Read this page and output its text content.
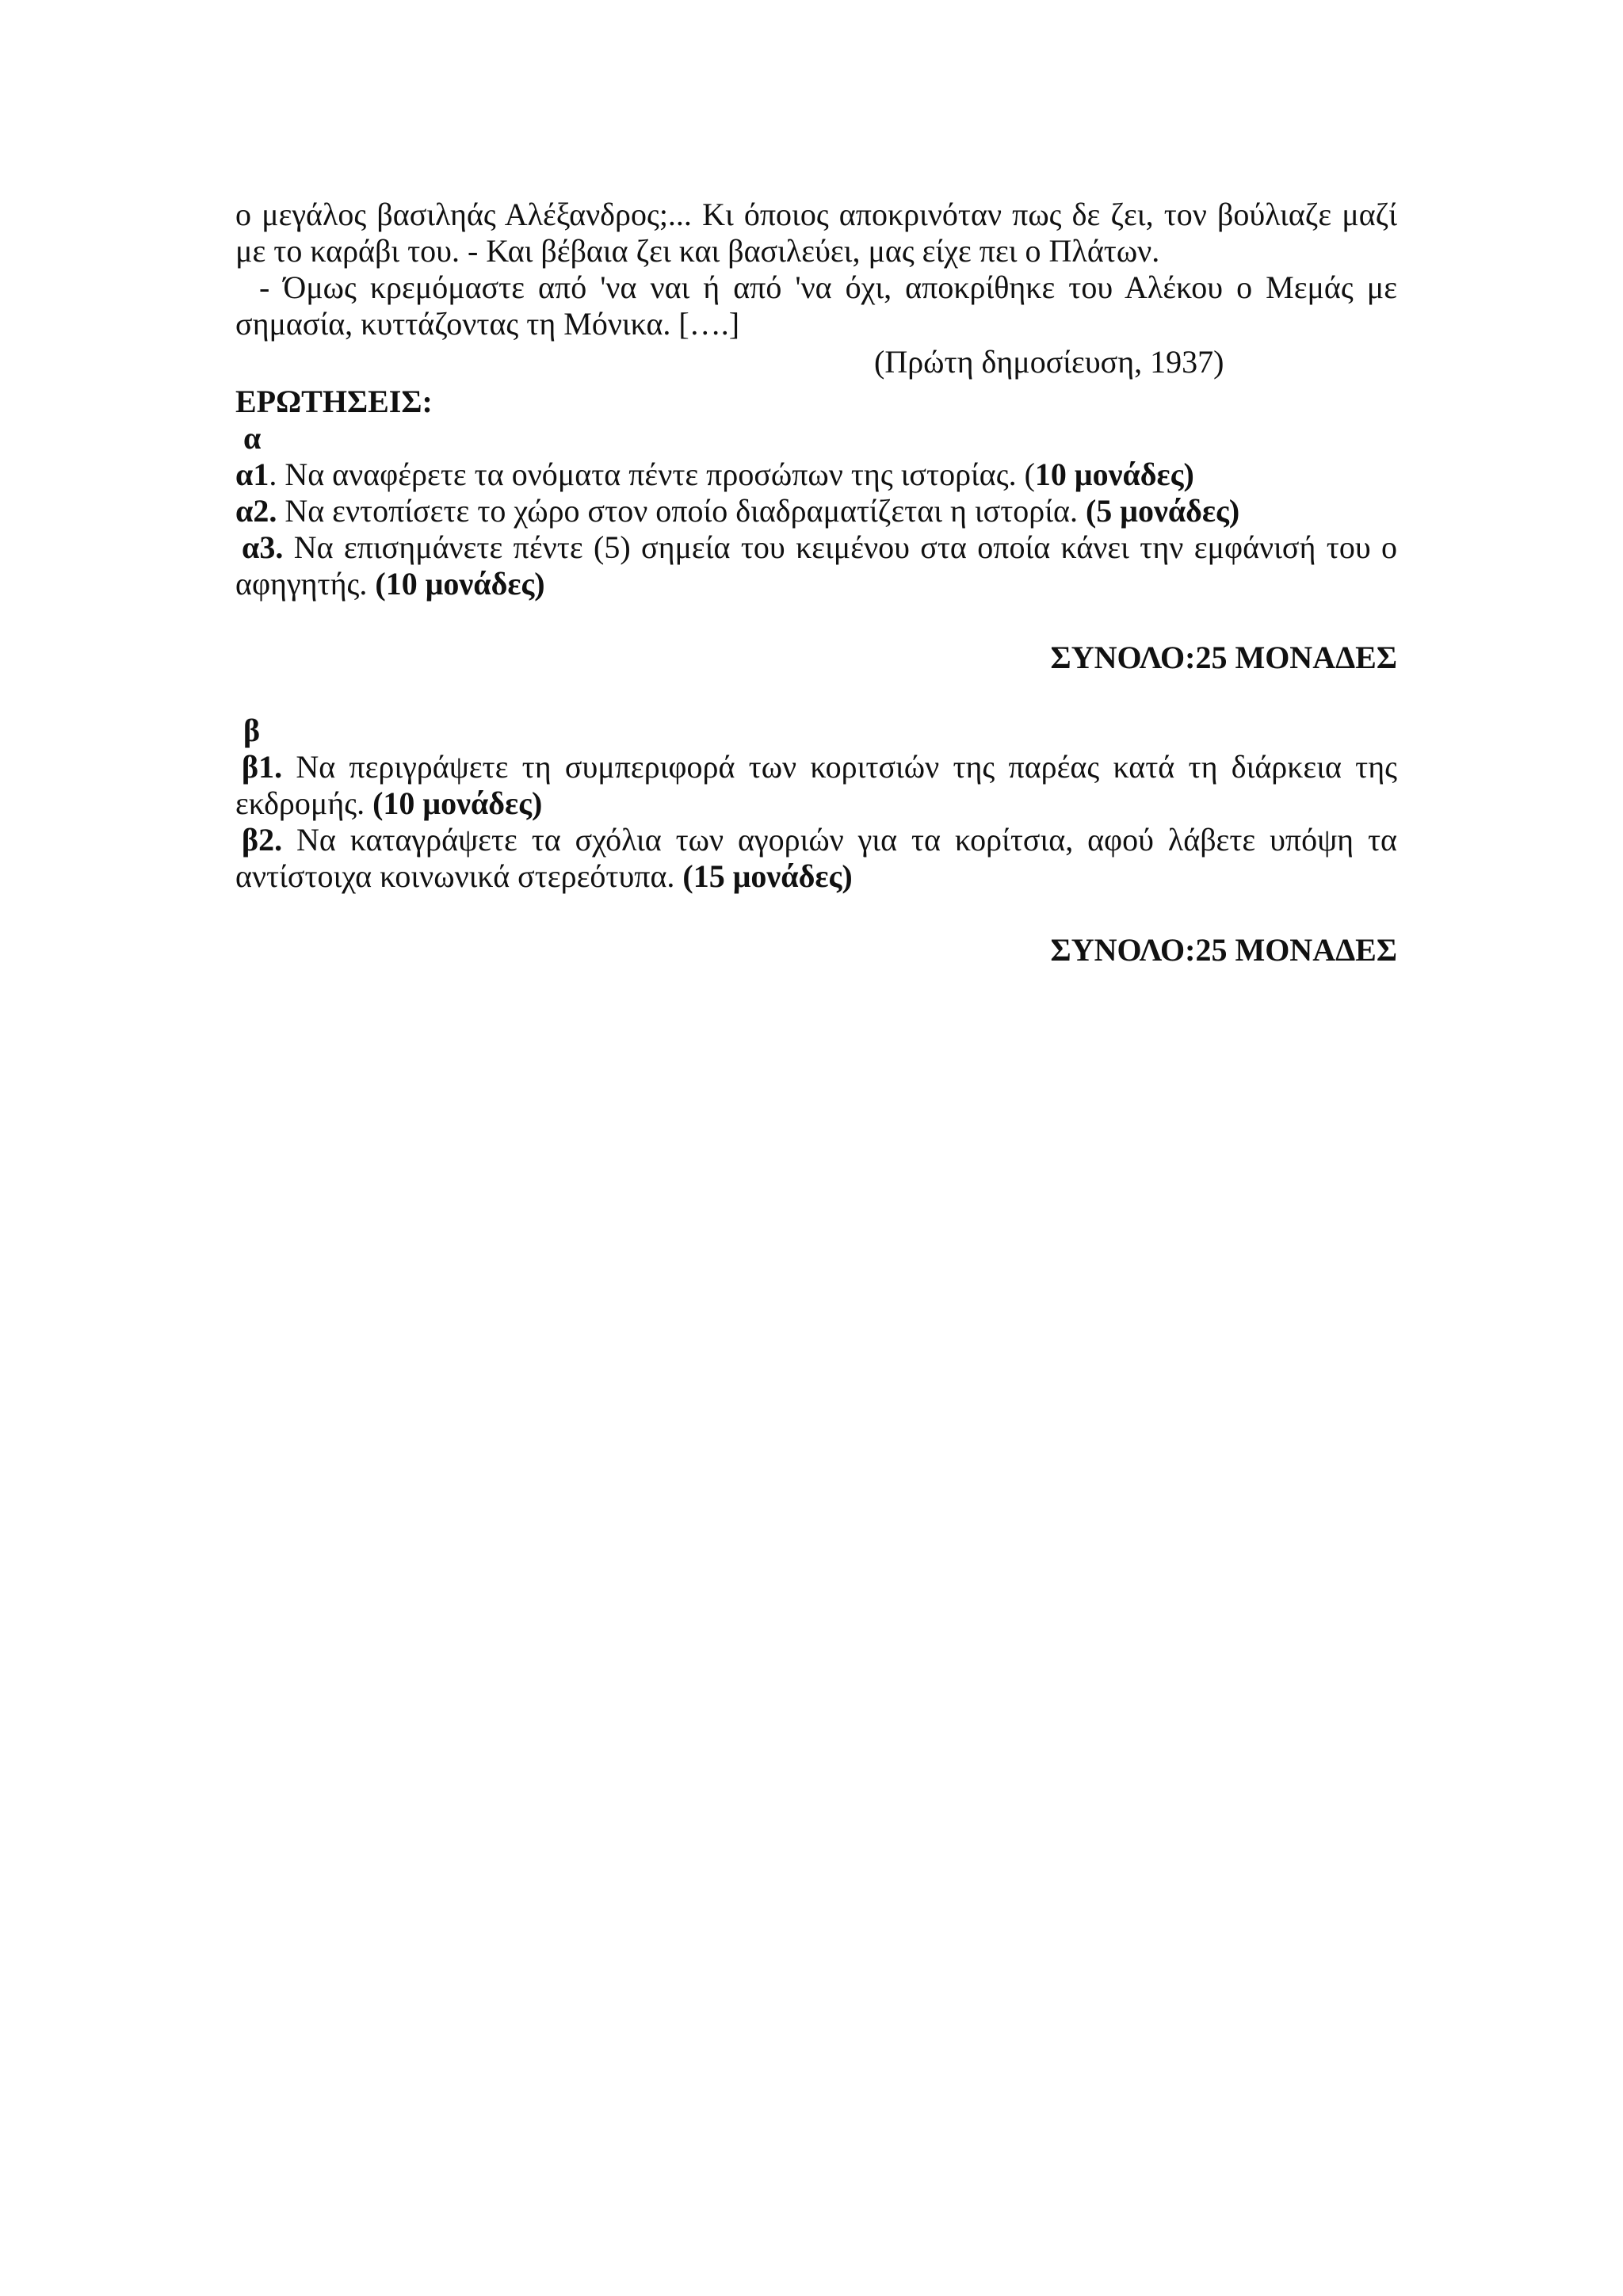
ο μεγάλος βασιληάς Αλέξανδρος;... Κι όποιος αποκρινόταν πως δε ζει, τον βούλιαζε μαζί με το καράβι του. - Και βέβαια ζει και βασιλεύει, μας είχε πει ο Πλάτων.

- Όμως κρεμόμαστε από 'να ναι ή από 'να όχι, αποκρίθηκε του Αλέκου ο Μεμάς με σημασία, κυττάζοντας τη Μόνικα. [….]

(Πρώτη δημοσίευση, 1937)

ΕΡΩΤΗΣΕΙΣ:

α

α1. Να αναφέρετε τα ονόματα πέντε προσώπων της ιστορίας. (10 μονάδες)

α2. Να εντοπίσετε το χώρο στον οποίο διαδραματίζεται η ιστορία. (5 μονάδες)

α3. Να επισημάνετε πέντε (5) σημεία του κειμένου στα οποία κάνει την εμφάνισή του ο αφηγητής. (10 μονάδες)

ΣΥΝΟΛΟ:25 ΜΟΝΑΔΕΣ

β

β1. Να περιγράψετε τη συμπεριφορά των κοριτσιών της παρέας κατά τη διάρκεια της εκδρομής. (10 μονάδες)

β2. Να καταγράψετε τα σχόλια των αγοριών για τα κορίτσια, αφού λάβετε υπόψη τα αντίστοιχα κοινωνικά στερεότυπα. (15 μονάδες)

ΣΥΝΟΛΟ:25 ΜΟΝΑΔΕΣ
